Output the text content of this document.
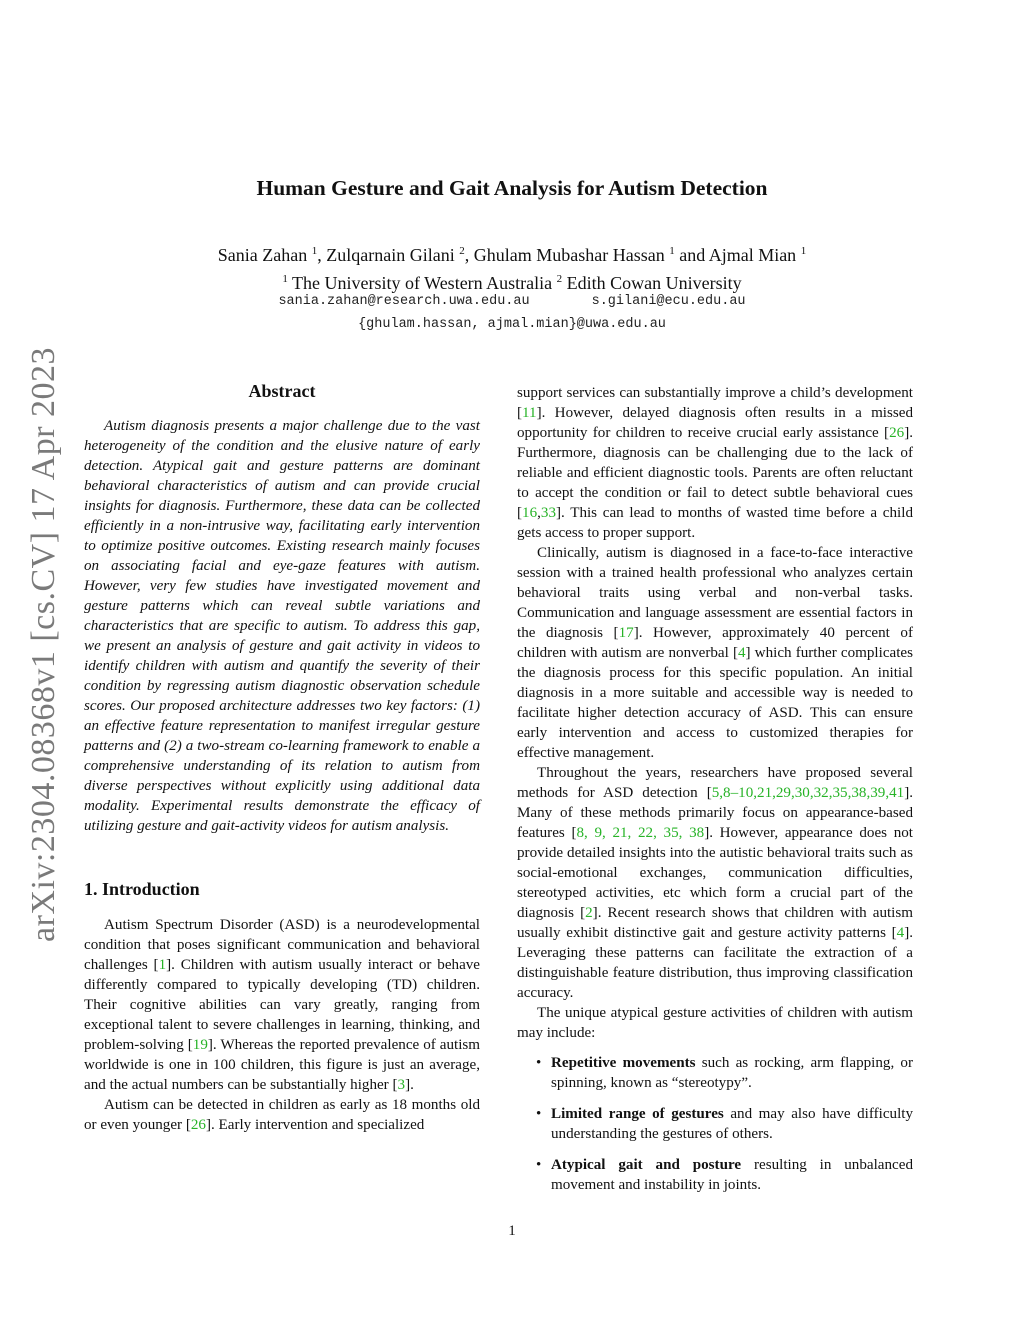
arXiv:2304.08368v1 [cs.CV] 17 Apr 2023
Human Gesture and Gait Analysis for Autism Detection
Sania Zahan $^1$, Zulqarnain Gilani $^2$, Ghulam Mubashar Hassan $^1$ and Ajmal Mian $^1$
$^1$ The University of Western Australia $^2$ Edith Cowan University
sania.zahan@research.uwa.edu.au	s.gilani@ecu.edu.au
{ghulam.hassan, ajmal.mian}@uwa.edu.au
Abstract

Autism diagnosis presents a major challenge due to the vast heterogeneity of the condition and the elusive nature of early detection. Atypical gait and gesture patterns are dominant behavioral characteristics of autism and can provide crucial insights for diagnosis. Furthermore, these data can be collected efficiently in a non-intrusive way, facilitating early intervention to optimize positive outcomes. Existing research mainly focuses on associating facial and eye-gaze features with autism. However, very few studies have investigated movement and gesture patterns which can reveal subtle variations and characteristics that are specific to autism. To address this gap, we present an analysis of gesture and gait activity in videos to identify children with autism and quantify the severity of their condition by regressing autism diagnostic observation schedule scores. Our proposed architecture addresses two key factors: (1) an effective feature representation to manifest irregular gesture patterns and (2) a two-stream co-learning framework to enable a comprehensive understanding of its relation to autism from diverse perspectives without explicitly using additional data modality. Experimental results demonstrate the efficacy of utilizing gesture and gait-activity videos for autism analysis.

1. Introduction

Autism Spectrum Disorder (ASD) is a neurodevelopmental condition that poses significant communication and behavioral challenges [1]. Children with autism usually interact or behave differently compared to typically developing (TD) children. Their cognitive abilities can vary greatly, ranging from exceptional talent to severe challenges in learning, thinking, and problem-solving [19]. Whereas the reported prevalence of autism worldwide is one in 100 children, this figure is just an average, and the actual numbers can be substantially higher [3].

Autism can be detected in children as early as 18 months old or even younger [26]. Early intervention and specialized

support services can substantially improve a child’s development [11]. However, delayed diagnosis often results in a missed opportunity for children to receive crucial early assistance [26]. Furthermore, diagnosis can be challenging due to the lack of reliable and efficient diagnostic tools. Parents are often reluctant to accept the condition or fail to detect subtle behavioral cues [16,33]. This can lead to months of wasted time before a child gets access to proper support.

Clinically, autism is diagnosed in a face-to-face interactive session with a trained health professional who analyzes certain behavioral traits using verbal and non-verbal tasks. Communication and language assessment are essential factors in the diagnosis [17]. However, approximately 40 percent of children with autism are nonverbal [4] which further complicates the diagnosis process for this specific population. An initial diagnosis in a more suitable and accessible way is needed to facilitate higher detection accuracy of ASD. This can ensure early intervention and access to customized therapies for effective management.

Throughout the years, researchers have proposed several methods for ASD detection [5,8–10,21,29,30,32,35,38,39,41]. Many of these methods primarily focus on appearance-based features [8, 9, 21, 22, 35, 38]. However, appearance does not provide detailed insights into the autistic behavioral traits such as social-emotional exchanges, communication difficulties, stereotyped activities, etc which form a crucial part of the diagnosis [2]. Recent research shows that children with autism usually exhibit distinctive gait and gesture activity patterns [4]. Leveraging these patterns can facilitate the extraction of a distinguishable feature distribution, thus improving classification accuracy.

The unique atypical gesture activities of children with autism may include:

• Repetitive movements such as rocking, arm flapping, or spinning, known as “stereotypy”.
• Limited range of gestures and may also have difficulty understanding the gestures of others.
• Atypical gait and posture resulting in unbalanced movement and instability in joints.
1
